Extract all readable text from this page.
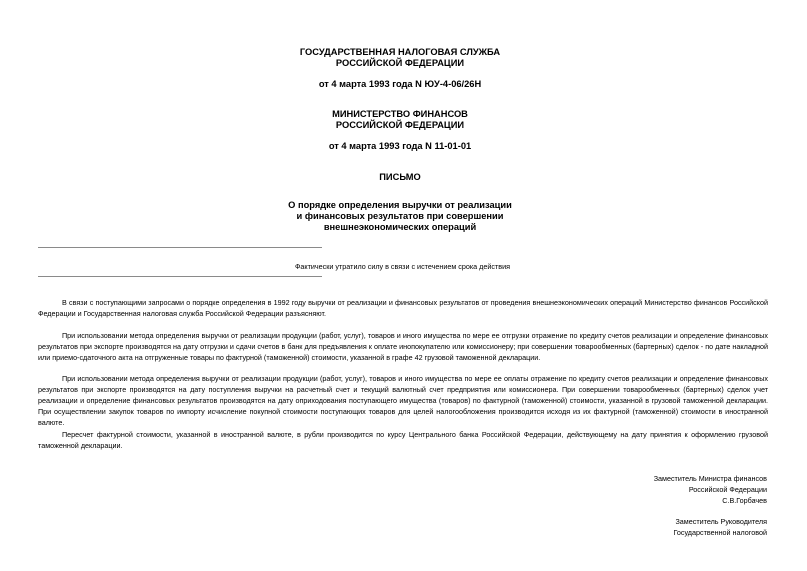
ГОСУДАРСТВЕННАЯ НАЛОГОВАЯ СЛУЖБА
РОССИЙСКОЙ ФЕДЕРАЦИИ
от 4 марта 1993 года N ЮУ-4-06/26Н
МИНИСТЕРСТВО ФИНАНСОВ
РОССИЙСКОЙ ФЕДЕРАЦИИ
от 4 марта 1993 года N 11-01-01
ПИСЬМО
О порядке определения выручки от реализации
и финансовых результатов при совершении
внешнеэкономических операций
Фактически утратило силу в связи с истечением срока действия

В связи с поступающими запросами о порядке определения в 1992 году выручки от реализации и финансовых результатов от проведения внешнеэкономических операций Министерство финансов Российской Федерации и Государственная налоговая служба Российской Федерации разъясняют.

При использовании метода определения выручки от реализации продукции (работ, услуг), товаров и иного имущества по мере ее отгрузки отражение по кредиту счетов реализации и определение финансовых результатов при экспорте производятся на дату отгрузки и сдачи счетов в банк для предъявления к оплате инопокупателю или комиссионеру; при совершении товарообменных (бартерных) сделок - по дате накладной или приемо-сдаточного акта на отгруженные товары по фактурной (таможенной) стоимости, указанной в графе 42 грузовой таможенной декларации.

При использовании метода определения выручки от реализации продукции (работ, услуг), товаров и иного имущества по мере ее оплаты отражение по кредиту счетов реализации и определение финансовых результатов при экспорте производятся на дату поступления выручки на расчетный счет и текущий валютный счет предприятия или комиссионера. При совершении товарообменных (бартерных) сделок учет реализации и определение финансовых результатов производятся на дату оприходования поступающего имущества (товаров) по фактурной (таможенной) стоимости, указанной в грузовой таможенной декларации. При осуществлении закупок товаров по импорту исчисление покупной стоимости поступающих товаров для целей налогообложения производится исходя из их фактурной (таможенной) стоимости в иностранной валюте.

Пересчет фактурной стоимости, указанной в иностранной валюте, в рубли производится по курсу Центрального банка Российской Федерации, действующему на дату принятия к оформлению грузовой таможенной декларации.

Заместитель Министра финансов
Российской Федерации
С.В.Горбачев
Заместитель Руководителя
Государственной налоговой
